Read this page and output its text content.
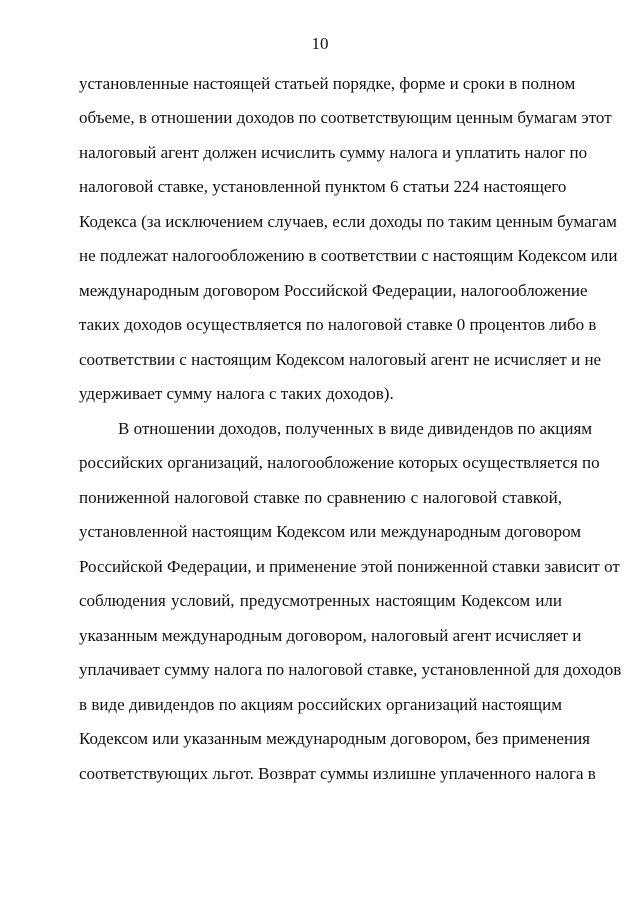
10
установленные настоящей статьей порядке, форме и сроки в полном
объеме, в отношении доходов по соответствующим ценным бумагам этот
налоговый агент должен исчислить сумму налога и уплатить налог по
налоговой ставке, установленной пунктом 6 статьи 224 настоящего
Кодекса (за исключением случаев, если доходы по таким ценным бумагам
не подлежат налогообложению в соответствии с настоящим Кодексом или
международным договором Российской Федерации, налогообложение
таких доходов осуществляется по налоговой ставке 0 процентов либо в
соответствии с настоящим Кодексом налоговый агент не исчисляет и не
удерживает сумму налога с таких доходов).
В отношении доходов, полученных в виде дивидендов по акциям
российских организаций, налогообложение которых осуществляется по
пониженной налоговой ставке по сравнению с налоговой ставкой,
установленной настоящим Кодексом или международным договором
Российской Федерации, и применение этой пониженной ставки зависит от
соблюдения условий, предусмотренных настоящим Кодексом или
указанным международным договором, налоговый агент исчисляет и
уплачивает сумму налога по налоговой ставке, установленной для доходов
в виде дивидендов по акциям российских организаций настоящим
Кодексом или указанным международным договором, без применения
соответствующих льгот. Возврат суммы излишне уплаченного налога в
